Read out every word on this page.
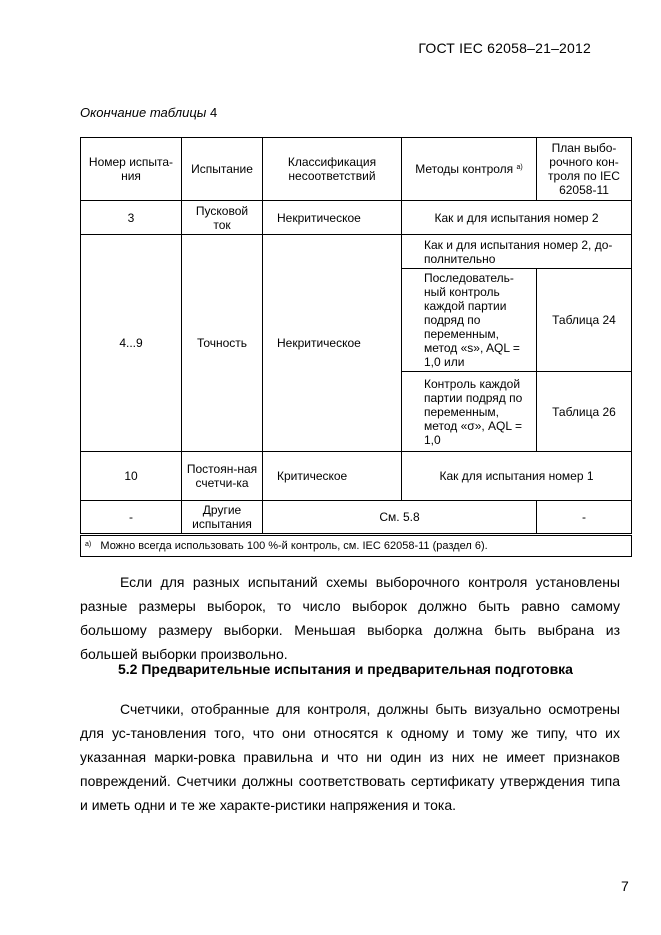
ГОСТ IEC 62058–21–2012
Окончание таблицы 4
Номер испыта-ния	Испытание	Классификация несоответствий	Методы контроля $^{a)}$	План выбо-рочного кон-троля по IEC 62058-11
3	Пусковой ток	Некритическое	Как и для испытания номер 2	
4...9	Точность	Некритическое	Как и для испытания номер 2, до-полнительно	
			Последователь-ный контроль каждой партии подряд по переменным, метод «s», AQL = 1,0 или	Таблица 24
			Контроль каждой партии подряд по переменным, метод «σ», AQL = 1,0	Таблица 26
10	Постоян-ная счетчи-ка	Критическое	Как для испытания номер 1	
-	Другие испытания	См. 5.8		-
$^{a)}$ Можно всегда использовать 100 %-й контроль, см. IEC 62058-11 (раздел 6).				
Если для разных испытаний схемы выборочного контроля установлены разные размеры выборок, то число выборок должно быть равно самому большому размеру выборки. Меньшая выборка должна быть выбрана из большей выборки произвольно.
5.2 Предварительные испытания и предварительная подготовка
Счетчики, отобранные для контроля, должны быть визуально осмотрены для ус-тановления того, что они относятся к одному и тому же типу, что их указанная марки-ровка правильна и что ни один из них не имеет признаков повреждений. Счетчики должны соответствовать сертификату утверждения типа и иметь одни и те же характе-ристики напряжения и тока.
7
